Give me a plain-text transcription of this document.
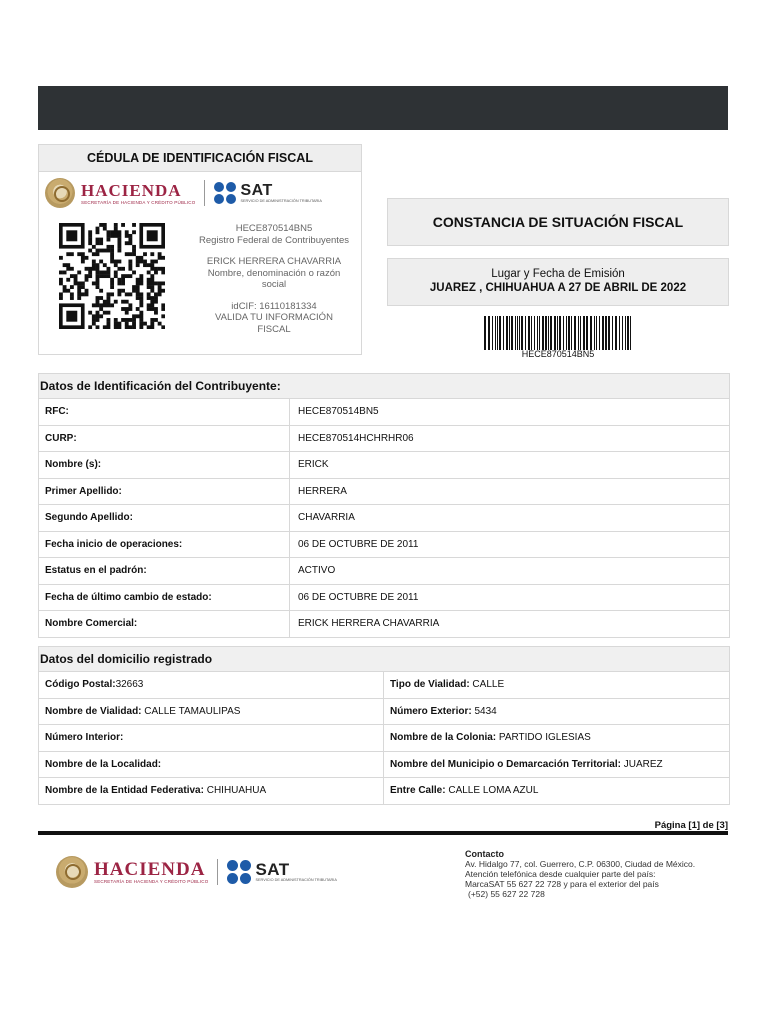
CÉDULA DE IDENTIFICACIÓN FISCAL
HACIENDA
SECRETARÍA DE HACIENDA Y CRÉDITO PÚBLICO
SAT
SERVICIO DE ADMINISTRACIÓN TRIBUTARIA
HECE870514BN5
Registro Federal de Contribuyentes
ERICK HERRERA CHAVARRIA
Nombre, denominación o razón social
idCIF: 16110181334
VALIDA TU INFORMACIÓN FISCAL
CONSTANCIA DE SITUACIÓN FISCAL
Lugar y Fecha de Emisión
JUAREZ , CHIHUAHUA A 27 DE ABRIL DE 2022
HECE870514BN5
Datos de Identificación del Contribuyente:
RFC:	HECE870514BN5
CURP:	HECE870514HCHRHR06
Nombre (s):	ERICK
Primer Apellido:	HERRERA
Segundo Apellido:	CHAVARRIA
Fecha inicio de operaciones:	06 DE OCTUBRE DE 2011
Estatus en el padrón:	ACTIVO
Fecha de último cambio de estado:	06 DE OCTUBRE DE 2011
Nombre Comercial:	ERICK HERRERA CHAVARRIA
Datos del domicilio registrado
Código Postal:32663	Tipo de Vialidad: CALLE
Nombre de Vialidad: CALLE TAMAULIPAS	Número Exterior: 5434
Número Interior:	Nombre de la Colonia: PARTIDO IGLESIAS
Nombre de la Localidad:	Nombre del Municipio o Demarcación Territorial: JUAREZ
Nombre de la Entidad Federativa: CHIHUAHUA	Entre Calle: CALLE LOMA AZUL
Página [1] de [3]
HACIENDA
SECRETARÍA DE HACIENDA Y CRÉDITO PÚBLICO
SAT
SERVICIO DE ADMINISTRACIÓN TRIBUTARIA
Contacto
Av. Hidalgo 77, col. Guerrero, C.P. 06300, Ciudad de México.
Atención telefónica desde cualquier parte del país:
MarcaSAT 55 627 22 728 y para el exterior del país
(+52) 55 627 22 728
